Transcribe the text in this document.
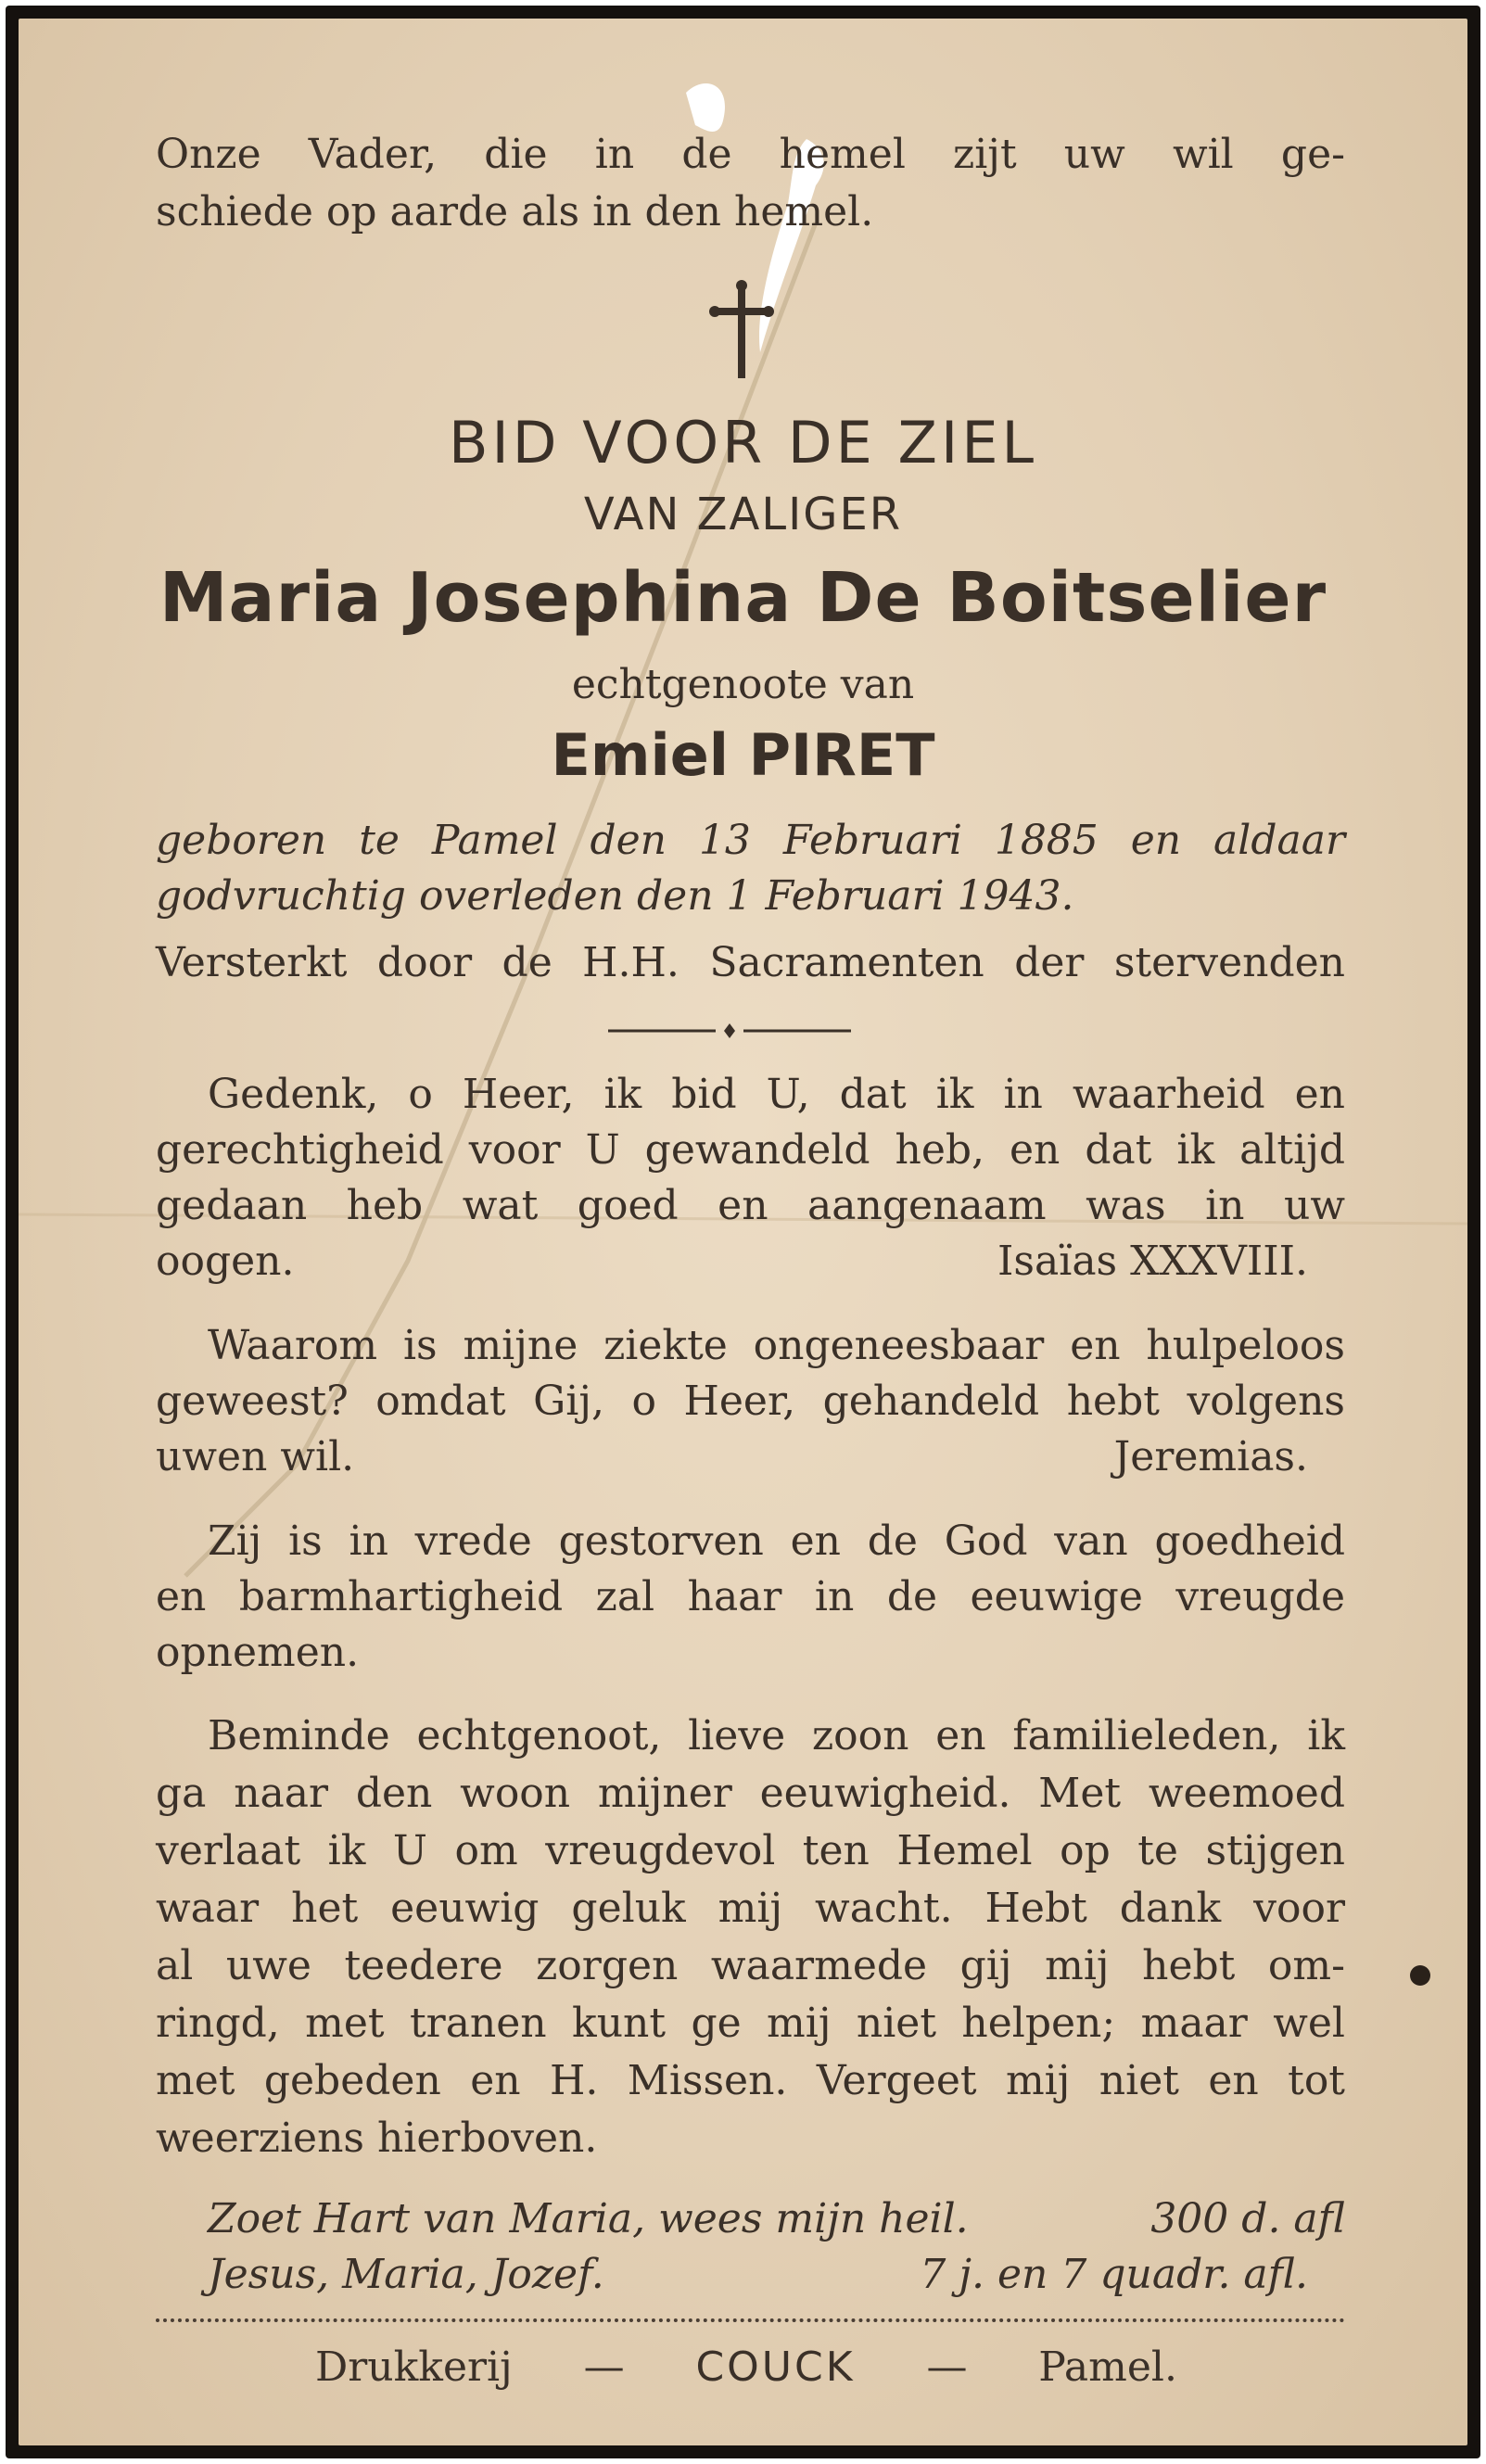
Onze Vader, die in de hemel zijt uw wil ge-
schiede op aarde als in den hemel.
BID VOOR DE ZIEL
VAN ZALIGER
Maria Josephina De Boitselier
echtgenoote van
Emiel PIRET
geboren te Pamel den 13 Februari 1885 en aldaar
godvruchtig overleden den 1 Februari 1943.
Versterkt door de H.H. Sacramenten der stervenden
Gedenk, o Heer, ik bid U, dat ik in waarheid en
gerechtigheid voor U gewandeld heb, en dat ik altijd
gedaan heb wat goed en aangenaam was in uw
oogen.	Isaïas XXXVIII.
Waarom is mijne ziekte ongeneesbaar en hulpeloos
geweest? omdat Gij, o Heer, gehandeld hebt volgens
uwen wil.	Jeremias.
Zij is in vrede gestorven en de God van goedheid
en barmhartigheid zal haar in de eeuwige vreugde
opnemen.
Beminde echtgenoot, lieve zoon en familieleden, ik
ga naar den woon mijner eeuwigheid. Met weemoed
verlaat ik U om vreugdevol ten Hemel op te stijgen
waar het eeuwig geluk mij wacht. Hebt dank voor
al uwe teedere zorgen waarmede gij mij hebt om-
ringd, met tranen kunt ge mij niet helpen; maar wel
met gebeden en H. Missen. Vergeet mij niet en tot
weerziens hierboven.
Zoet Hart van Maria, wees mijn heil.	300 d. afl
Jesus, Maria, Jozef.	7 j. en 7 quadr. afl.
Drukkerij — COUCK — Pamel.
